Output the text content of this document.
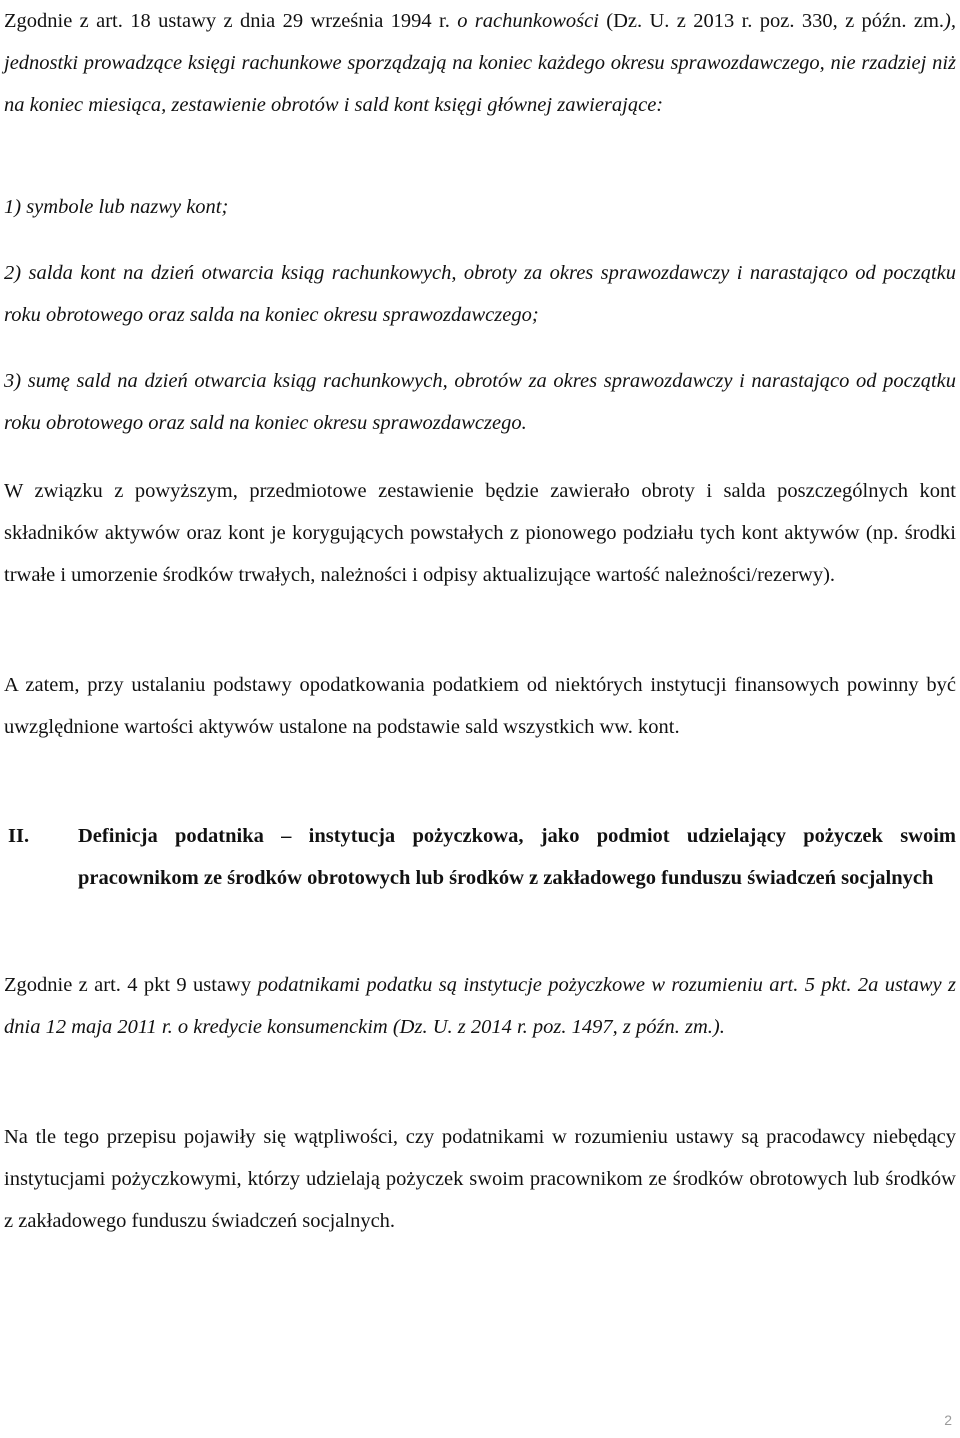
Zgodnie z art. 18 ustawy z dnia 29 września 1994 r. o rachunkowości (Dz. U. z 2013 r. poz. 330, z późn. zm.), jednostki prowadzące księgi rachunkowe sporządzają na koniec każdego okresu sprawozdawczego, nie rzadziej niż na koniec miesiąca, zestawienie obrotów i sald kont księgi głównej zawierające:

1) symbole lub nazwy kont;

2) salda kont na dzień otwarcia ksiąg rachunkowych, obroty za okres sprawozdawczy i narastająco od początku roku obrotowego oraz salda na koniec okresu sprawozdawczego;

3) sumę sald na dzień otwarcia ksiąg rachunkowych, obrotów za okres sprawozdawczy i narastająco od początku roku obrotowego oraz sald na koniec okresu sprawozdawczego.

W związku z powyższym, przedmiotowe zestawienie będzie zawierało obroty i salda poszczególnych kont składników aktywów oraz kont je korygujących powstałych z pionowego podziału tych kont aktywów (np. środki trwałe i umorzenie środków trwałych, należności i odpisy aktualizujące wartość należności/rezerwy).

A zatem, przy ustalaniu podstawy opodatkowania podatkiem od niektórych instytucji finansowych powinny być uwzględnione wartości aktywów ustalone na podstawie sald wszystkich ww. kont.

II. Definicja podatnika – instytucja pożyczkowa, jako podmiot udzielający pożyczek swoim pracownikom ze środków obrotowych lub środków z zakładowego funduszu świadczeń socjalnych

Zgodnie z art. 4 pkt 9 ustawy podatnikami podatku są instytucje pożyczkowe w rozumieniu art. 5 pkt. 2a ustawy z dnia 12 maja 2011 r. o kredycie konsumenckim (Dz. U. z 2014 r. poz. 1497, z późn. zm.).

Na tle tego przepisu pojawiły się wątpliwości, czy podatnikami w rozumieniu ustawy są pracodawcy niebędący instytucjami pożyczkowymi, którzy udzielają pożyczek swoim pracownikom ze środków obrotowych lub środków z zakładowego funduszu świadczeń socjalnych.

2
